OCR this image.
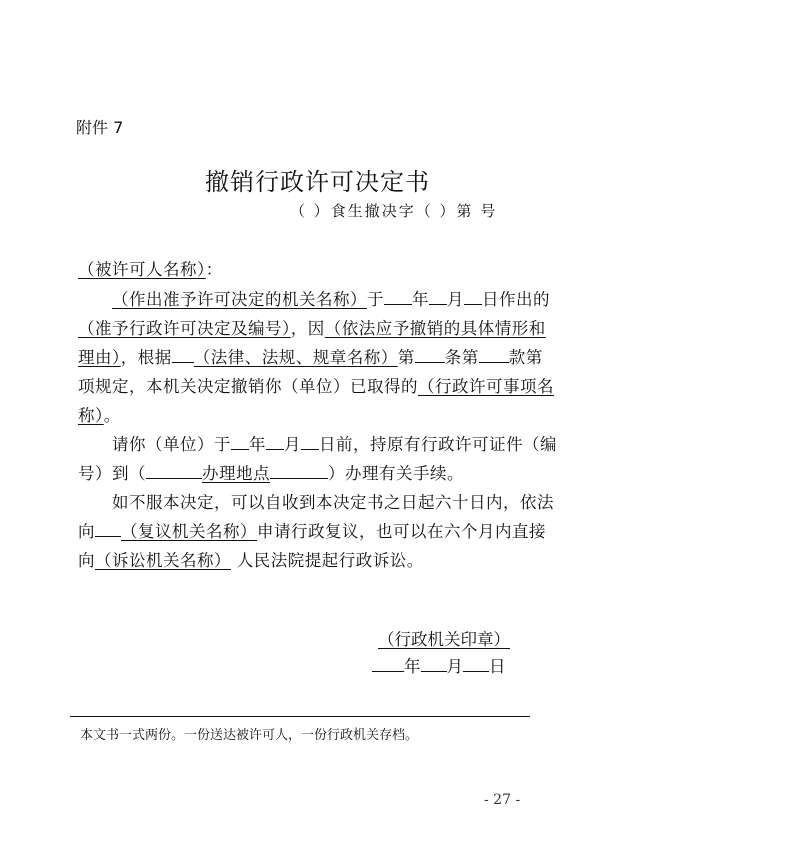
附件 7
撤销行政许可决定书
（ ）食生撤决字（ ）第 号
（被许可人名称）：
（作出准予许可决定的机关名称）于 年 月 日作出的
（准予行政许可决定及编号），因（依法应予撤销的具体情形和
理由），根据 （法律、法规、规章名称）第 条第 款第
项规定，本机关决定撤销你（单位）已取得的（行政许可事项名
称）。
请你（单位）于 年 月 日前，持原有行政许可证件（编
号）到（	办理地点	）办理有关手续。
如不服本决定，可以自收到本决定书之日起六十日内，依法
向 （复议机关名称）申请行政复议，也可以在六个月内直接
向（诉讼机关名称） 人民法院提起行政诉讼。
（行政机关印章）
年 月 日
本文书一式两份。一份送达被许可人，一份行政机关存档。
- 27 -
